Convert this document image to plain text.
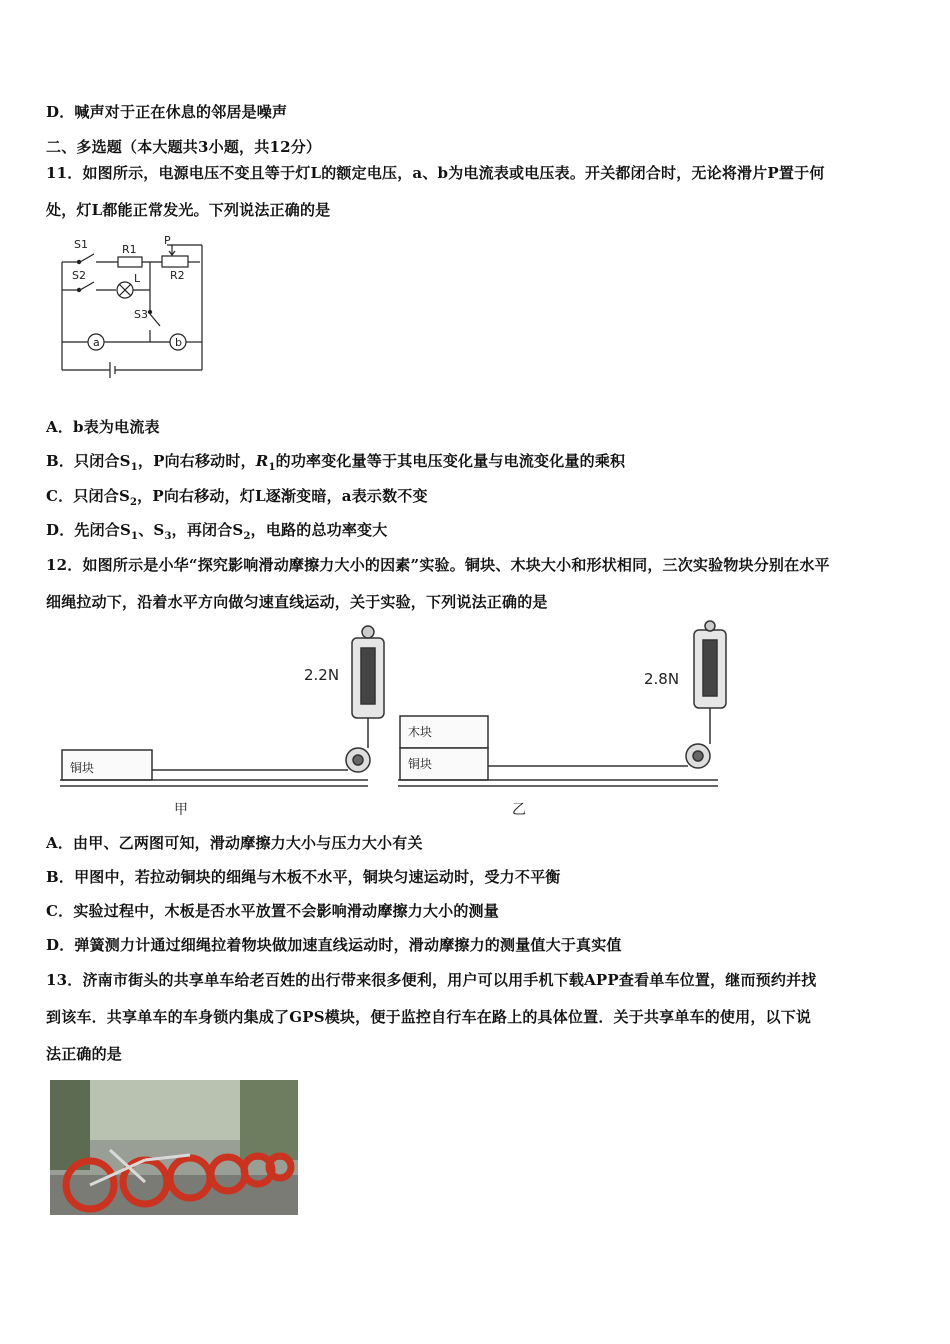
D．喊声对于正在休息的邻居是噪声
二、多选题（本大题共3小题，共12分）
11．如图所示，电源电压不变且等于灯L的额定电压，a、b为电流表或电压表。开关都闭合时，无论将滑片P置于何
处，灯L都能正常发光。下列说法正确的是
S1	R1
P
R2
S2	L
S3
a	b
A．b表为电流表
B．只闭合$S_1$，P向右移动时，$R_1$的功率变化量等于其电压变化量与电流变化量的乘积
C．只闭合$S_2$，P向右移动，灯L逐渐变暗，a表示数不变
D．先闭合$S_1$、$S_3$，再闭合$S_2$，电路的总功率变大
12．如图所示是小华“探究影响滑动摩擦力大小的因素”实验。铜块、木块大小和形状相同，三次实验物块分别在水平
细绳拉动下，沿着水平方向做匀速直线运动，关于实验，下列说法正确的是
2.2N
铜块
甲
2.8N
木块
铜块
乙
A．由甲、乙两图可知，滑动摩擦力大小与压力大小有关
B．甲图中，若拉动铜块的细绳与木板不水平，铜块匀速运动时，受力不平衡
C．实验过程中，木板是否水平放置不会影响滑动摩擦力大小的测量
D．弹簧测力计通过细绳拉着物块做加速直线运动时，滑动摩擦力的测量值大于真实值
13．济南市街头的共享单车给老百姓的出行带来很多便利，用户可以用手机下载APP查看单车位置，继而预约并找
到该车．共享单车的车身锁内集成了GPS模块，便于监控自行车在路上的具体位置．关于共享单车的使用，以下说
法正确的是
